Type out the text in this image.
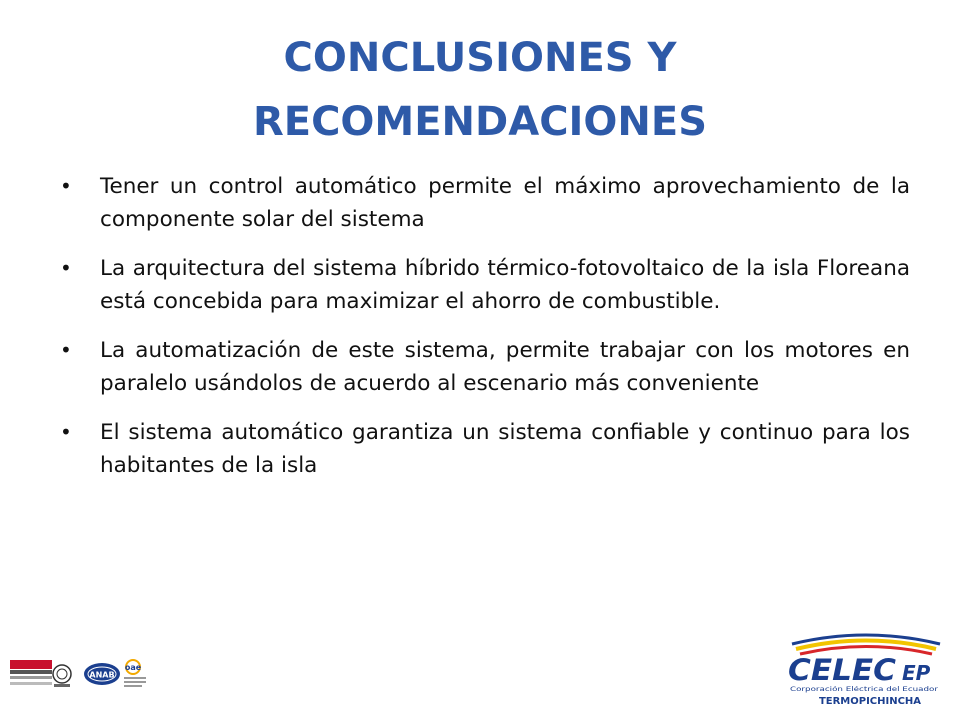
CONCLUSIONES Y
RECOMENDACIONES
• Tener un control automático permite el máximo aprovechamiento de la componente solar del sistema
• La arquitectura del sistema híbrido térmico-fotovoltaico de la isla Floreana está concebida para maximizar el ahorro de combustible.
• La automatización de este sistema, permite trabajar con los motores en paralelo usándolos de acuerdo al escenario más conveniente
• El sistema automático garantiza un sistema confiable y continuo para los habitantes de la isla
ANAB
oae	CELEC EP
Corporación Eléctrica del Ecuador
TERMOPICHINCHA
